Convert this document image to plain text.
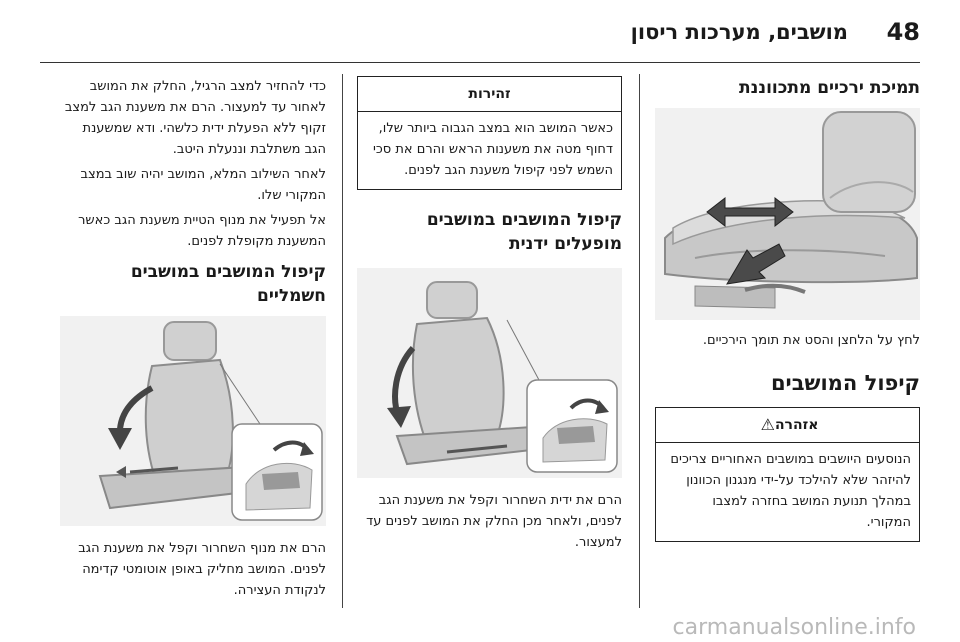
48
מושבים, מערכות ריסון
תמיכת ירכיים מתכווננת

לחץ על הלחצן והסט את תומך הירכיים.

קיפול המושבים
אזהרה⚠
הנוסעים היושבים במושבים האחוריים צריכים להיזהר שלא להילכד על-ידי מנגנון הכוונון במהלך תנועת המושב בחזרה למצבו המקורי.
זהירות
כאשר המושב הוא במצב הגבוה ביותר שלו, דחוף מטה את משענות הראש והרם את סכי השמש לפני קיפול משענת הגב לפנים.
קיפול המושבים במושבים מופעלים ידנית

הרם את ידית השחרור וקפל את משענת הגב לפנים, ולאחר מכן החלק את המושב לפנים עד למעצור.

כדי להחזיר למצב הרגיל, החלק את המושב לאחור עד למעצור. הרם את משענת הגב למצב זקוף ללא הפעלת ידית כלשהי. ודא שמשענת הגב משתלבת וננעלת היטב.

לאחר השילוב המלא, המושב יהיה שוב במצב המקורי שלו.

אל תפעיל את מנוף הטיית משענת הגב כאשר המשענת מקופלת לפנים.

קיפול המושבים במושבים חשמליים

הרם את מנוף השחרור וקפל את משענת הגב לפנים. המושב מחליק באופן אוטומטי קדימה לנקודת העצירה.

carmanualsonline.info
